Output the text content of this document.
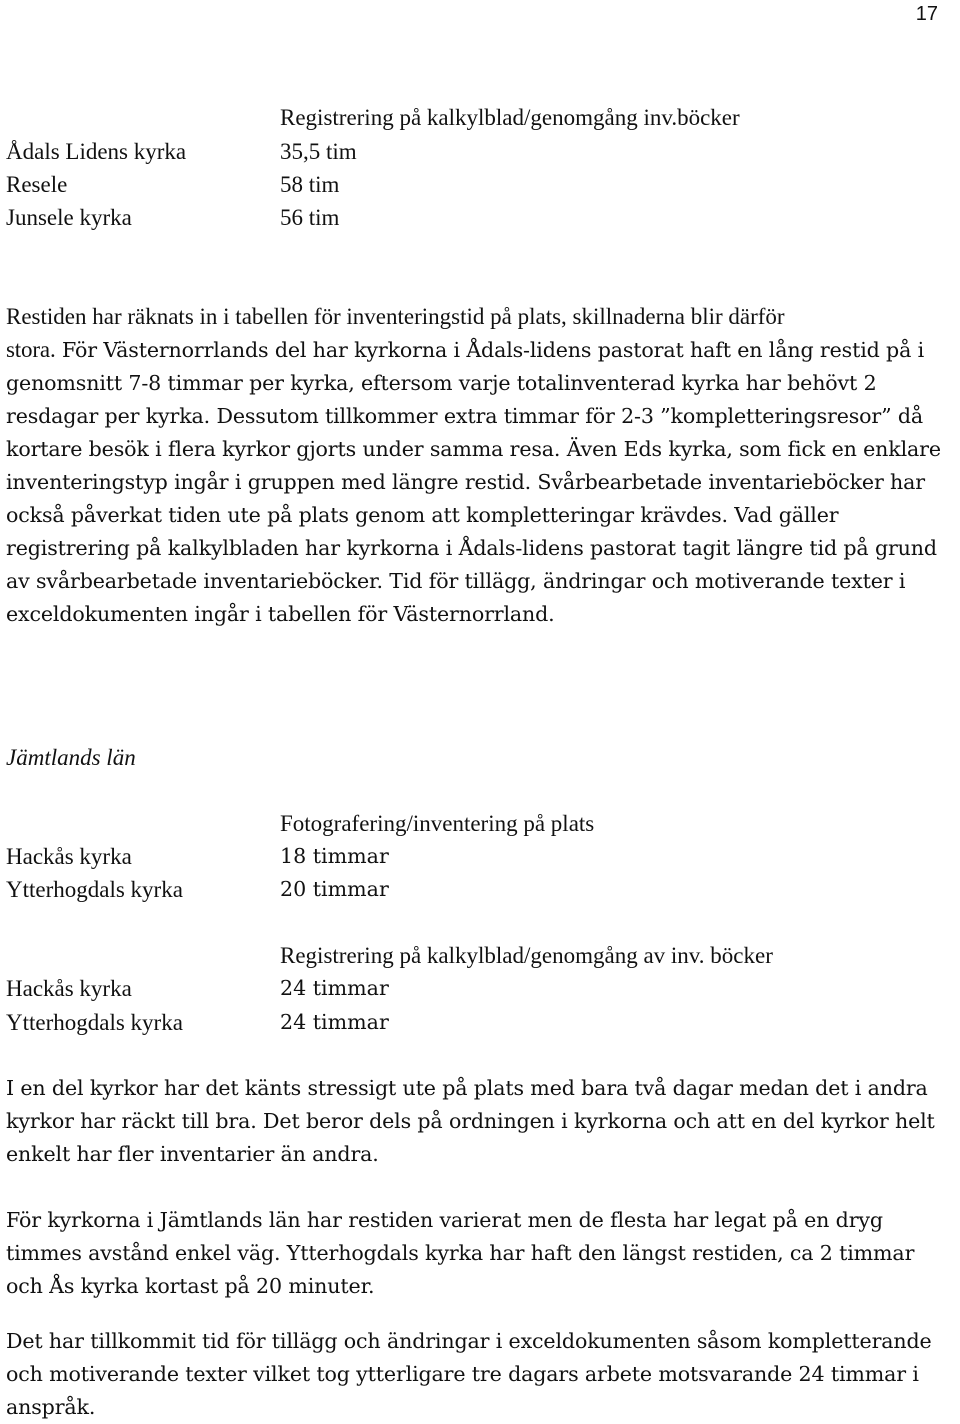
17
Registrering på kalkylblad/genomgång inv.böcker
Ådals Lidens kyrka	35,5 tim
Resele	58 tim
Junsele kyrka	56 tim
Restiden har räknats in i tabellen för inventeringstid på plats, skillnaderna blir därför

stora. För Västernorrlands del har kyrkorna i Ådals-lidens pastorat haft en lång restid på i genomsnitt 7-8 timmar per kyrka, eftersom varje totalinventerad kyrka har behövt 2 resdagar per kyrka. Dessutom tillkommer extra timmar för 2-3 ”kompletteringsresor” då kortare besök i flera kyrkor gjorts under samma resa. Även Eds kyrka, som fick en enklare inventeringstyp ingår i gruppen med längre restid. Svårbearbetade inventarieböcker har också påverkat tiden ute på plats genom att kompletteringar krävdes. Vad gäller registrering på kalkylbladen har kyrkorna i Ådals-lidens pastorat tagit längre tid på grund av svårbearbetade inventarieböcker. Tid för tillägg, ändringar och motiverande texter i exceldokumenten ingår i tabellen för Västernorrland.

Jämtlands län
Fotografering/inventering på plats
Hackås kyrka	18 timmar
Ytterhogdals kyrka	20 timmar
Registrering på kalkylblad/genomgång av inv. böcker
Hackås kyrka	24 timmar
Ytterhogdals kyrka	24 timmar

I en del kyrkor har det känts stressigt ute på plats med bara två dagar medan det i andra kyrkor har räckt till bra. Det beror dels på ordningen i kyrkorna och att en del kyrkor helt enkelt har fler inventarier än andra.

För kyrkorna i Jämtlands län har restiden varierat men de flesta har legat på en dryg timmes avstånd enkel väg. Ytterhogdals kyrka har haft den längst restiden, ca 2 timmar och Ås kyrka kortast på 20 minuter.

Det har tillkommit tid för tillägg och ändringar i exceldokumenten såsom kompletterande och motiverande texter vilket tog ytterligare tre dagars arbete motsvarande 24 timmar i anspråk.
